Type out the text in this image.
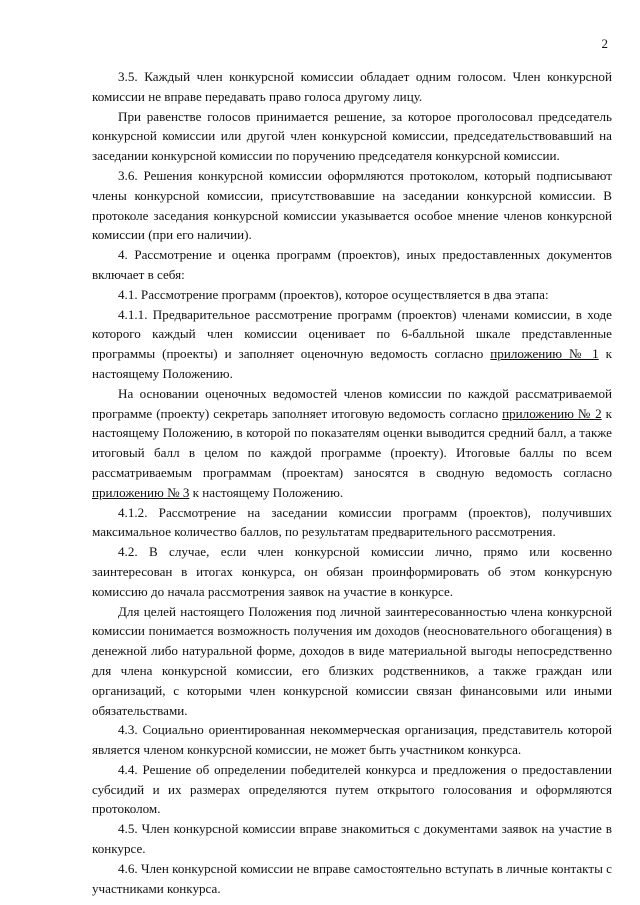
2

3.5. Каждый член конкурсной комиссии обладает одним голосом. Член конкурсной комиссии не вправе передавать право голоса другому лицу.

При равенстве голосов принимается решение, за которое проголосовал председатель конкурсной комиссии или другой член конкурсной комиссии, председательствовавший на заседании конкурсной комиссии по поручению председателя конкурсной комиссии.

3.6. Решения конкурсной комиссии оформляются протоколом, который подписывают члены конкурсной комиссии, присутствовавшие на заседании конкурсной комиссии. В протоколе заседания конкурсной комиссии указывается особое мнение членов конкурсной комиссии (при его наличии).

4. Рассмотрение и оценка программ (проектов), иных предоставленных документов включает в себя:

4.1. Рассмотрение программ (проектов), которое осуществляется в два этапа:

4.1.1. Предварительное рассмотрение программ (проектов) членами комиссии, в ходе которого каждый член комиссии оценивает по 6-балльной шкале представленные программы (проекты) и заполняет оценочную ведомость согласно приложению № 1 к настоящему Положению.

На основании оценочных ведомостей членов комиссии по каждой рассматриваемой программе (проекту) секретарь заполняет итоговую ведомость согласно приложению № 2 к настоящему Положению, в которой по показателям оценки выводится средний балл, а также итоговый балл в целом по каждой программе (проекту). Итоговые баллы по всем рассматриваемым программам (проектам) заносятся в сводную ведомость согласно приложению № 3 к настоящему Положению.

4.1.2. Рассмотрение на заседании комиссии программ (проектов), получивших максимальное количество баллов, по результатам предварительного рассмотрения.

4.2. В случае, если член конкурсной комиссии лично, прямо или косвенно заинтересован в итогах конкурса, он обязан проинформировать об этом конкурсную комиссию до начала рассмотрения заявок на участие в конкурсе.

Для целей настоящего Положения под личной заинтересованностью члена конкурсной комиссии понимается возможность получения им доходов (неосновательного обогащения) в денежной либо натуральной форме, доходов в виде материальной выгоды непосредственно для члена конкурсной комиссии, его близких родственников, а также граждан или организаций, с которыми член конкурсной комиссии связан финансовыми или иными обязательствами.

4.3. Социально ориентированная некоммерческая организация, представитель которой является членом конкурсной комиссии, не может быть участником конкурса.

4.4. Решение об определении победителей конкурса и предложения о предоставлении субсидий и их размерах определяются путем открытого голосования и оформляются протоколом.

4.5. Член конкурсной комиссии вправе знакомиться с документами заявок на участие в конкурсе.

4.6. Член конкурсной комиссии не вправе самостоятельно вступать в личные контакты с участниками конкурса.
